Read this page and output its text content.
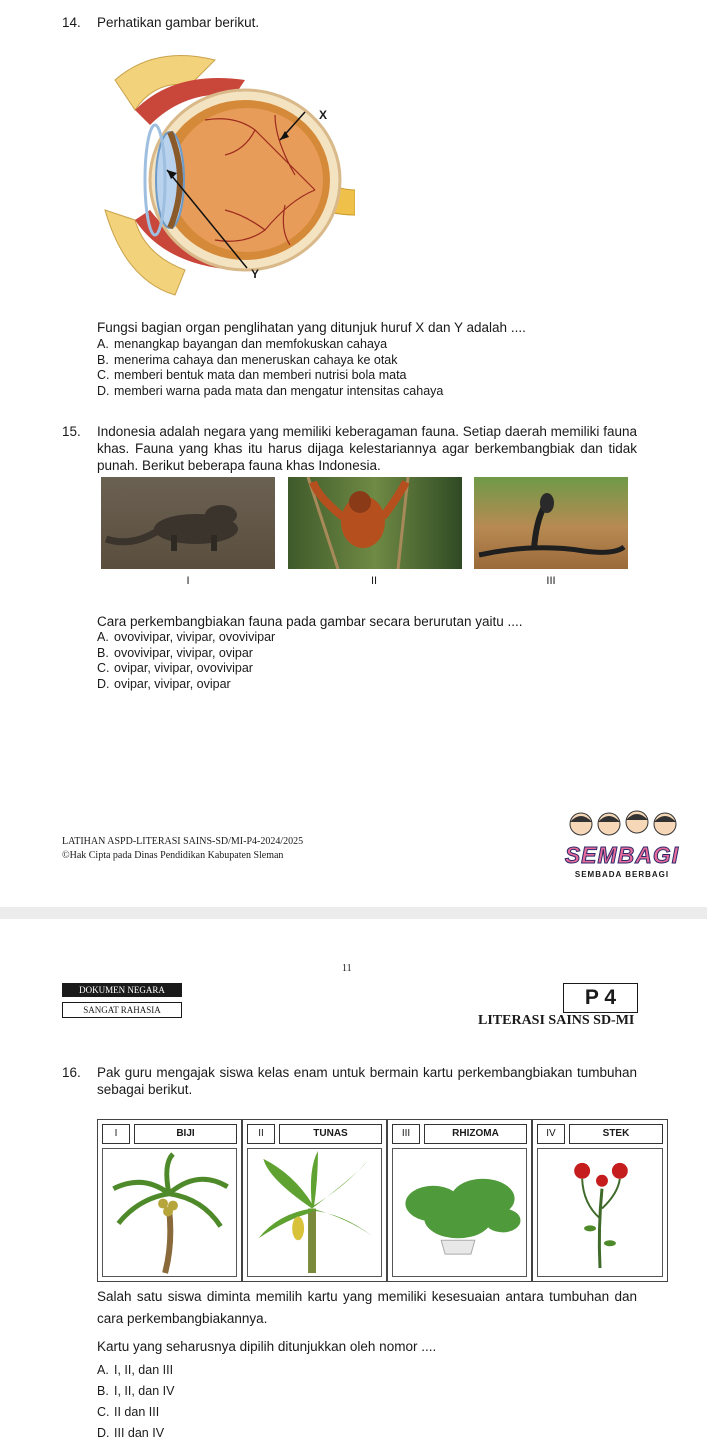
14. Perhatikan gambar berikut.
X
Y
Fungsi bagian organ penglihatan yang ditunjuk huruf X dan Y adalah ....
A. menangkap bayangan dan memfokuskan cahaya
B. menerima cahaya dan meneruskan cahaya ke otak
C. memberi bentuk mata dan memberi nutrisi bola mata
D. memberi warna pada mata dan mengatur intensitas cahaya
15. Indonesia adalah negara yang memiliki keberagaman fauna. Setiap daerah memiliki fauna
khas. Fauna yang khas itu harus dijaga kelestariannya agar berkembangbiak dan tidak
punah. Berikut beberapa fauna khas Indonesia.
I	II	III
Cara perkembangbiakan fauna pada gambar secara berurutan yaitu ....
A. ovovivipar, vivipar, ovovivipar
B. ovovivipar, vivipar, ovipar
C. ovipar, vivipar, ovovivipar
D. ovipar, vivipar, ovipar
LATIHAN ASPD-LITERASI SAINS-SD/MI-P4-2024/2025
©Hak Cipta pada Dinas Pendidikan Kabupaten Sleman	SEMBAGI
SEMBADA BERBAGI
11
DOKUMEN NEGARA
SANGAT RAHASIA
P 4
LITERASI SAINS SD-MI
16. Pak guru mengajak siswa kelas enam untuk bermain kartu perkembangbiakan tumbuhan
sebagai berikut.
I	BIJI	II	TUNAS	III	RHIZOMA	IV	STEK
Salah satu siswa diminta memilih kartu yang memiliki kesesuaian antara tumbuhan dan
cara perkembangbiakannya.
Kartu yang seharusnya dipilih ditunjukkan oleh nomor ....
A. I, II, dan III
B. I, II, dan IV
C. II dan III
D. III dan IV
